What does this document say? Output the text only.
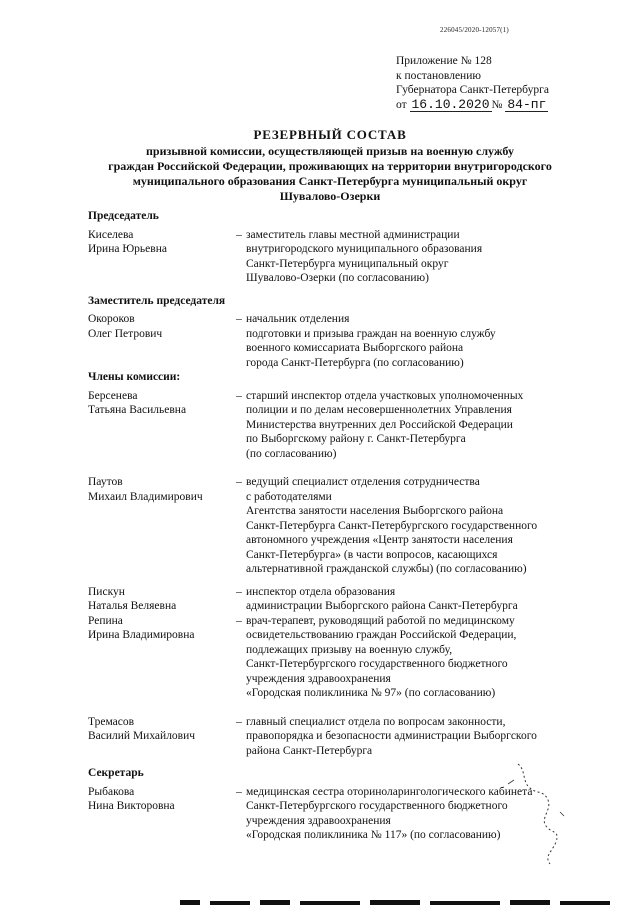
226045/2020-12057(1)
Приложение № 128
к постановлению
Губернатора Санкт-Петербурга
от 16.10.2020 № 84-пг
РЕЗЕРВНЫЙ СОСТАВ
призывной комиссии, осуществляющей призыв на военную службу
граждан Российской Федерации, проживающих на территории внутригородского
муниципального образования Санкт-Петербурга муниципальный округ
Шувалово-Озерки
Председатель
Киселева
Ирина Юрьевна
– заместитель главы местной администрации
внутригородского муниципального образования
Санкт-Петербурга муниципальный округ
Шувалово-Озерки (по согласованию)
Заместитель председателя
Окороков
Олег Петрович
– начальник отделения
подготовки и призыва граждан на военную службу
военного комиссариата Выборгского района
города Санкт-Петербурга (по согласованию)
Члены комиссии:
Берсенева
Татьяна Васильевна
– старший инспектор отдела участковых уполномоченных
полиции и по делам несовершеннолетних Управления
Министерства внутренних дел Российской Федерации
по Выборгскому району г. Санкт-Петербурга
(по согласованию)
Паутов
Михаил Владимирович
– ведущий специалист отделения сотрудничества
с работодателями
Агентства занятости населения Выборгского района
Санкт-Петербурга Санкт-Петербургского государственного
автономного учреждения «Центр занятости населения
Санкт-Петербурга» (в части вопросов, касающихся
альтернативной гражданской службы) (по согласованию)
Пискун
Наталья Веляевна
– инспектор отдела образования
администрации Выборгского района Санкт-Петербурга
Репина
Ирина Владимировна
– врач-терапевт, руководящий работой по медицинскому
освидетельствованию граждан Российской Федерации,
подлежащих призыву на военную службу,
Санкт-Петербургского государственного бюджетного
учреждения здравоохранения
«Городская поликлиника № 97» (по согласованию)
Тремасов
Василий Михайлович
– главный специалист отдела по вопросам законности,
правопорядка и безопасности администрации Выборгского
района Санкт-Петербурга
Секретарь
Рыбакова
Нина Викторовна
– медицинская сестра оториноларингологического кабинета
Санкт-Петербургского государственного бюджетного
учреждения здравоохранения
«Городская поликлиника № 117» (по согласованию)
